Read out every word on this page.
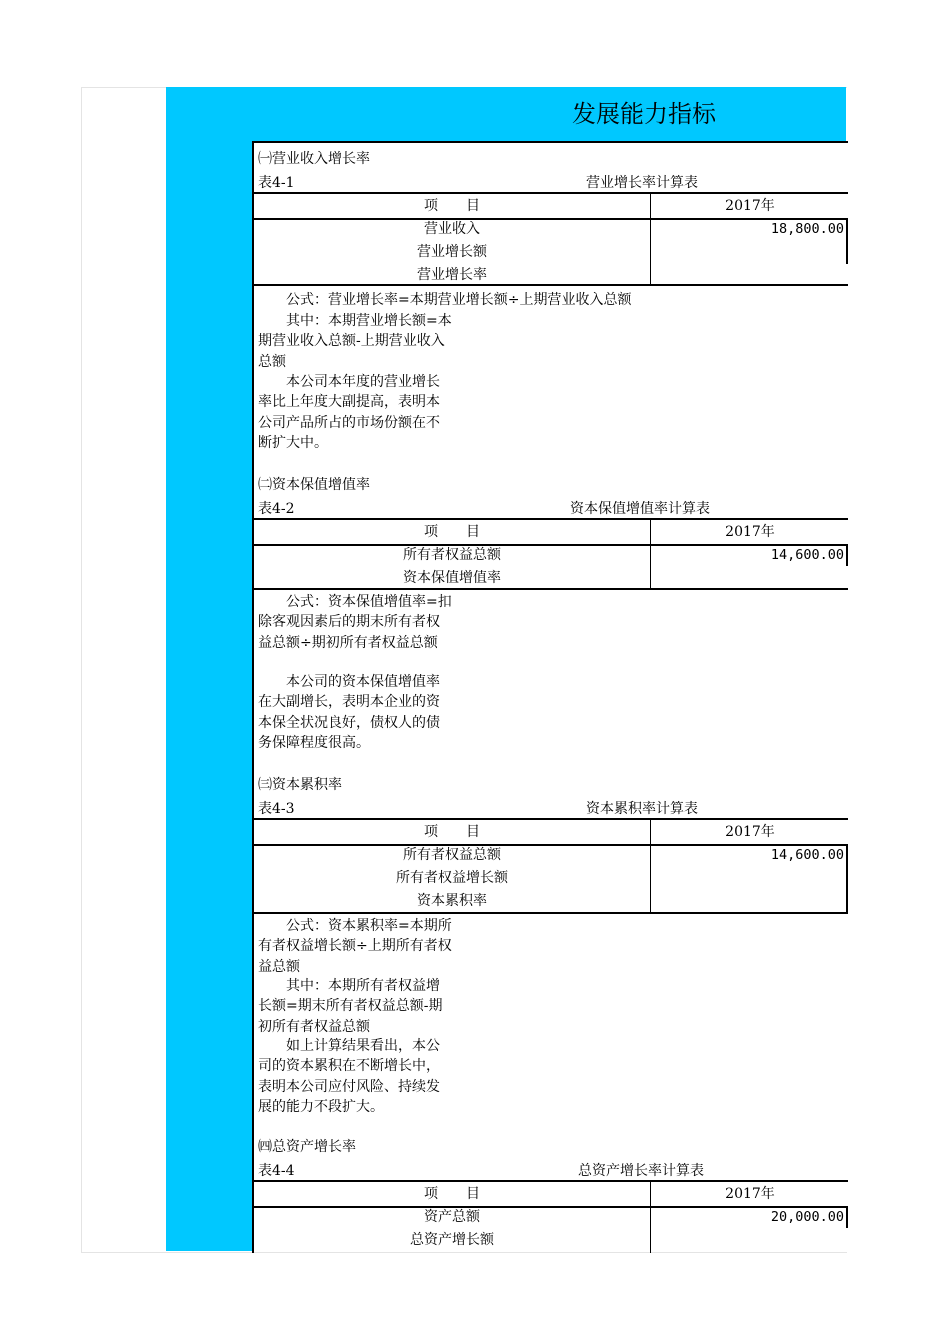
发展能力指标
㈠营业收入增长率
表4-1	营业增长率计算表
项　　目	2017年
营业收入	18,800.00
营业增长额
营业增长率
公式：营业增长率=本期营业增长额÷上期营业收入总额
其中：本期营业增长额=本期营业收入总额-上期营业收入总额
本公司本年度的营业增长率比上年度大副提高，表明本公司产品所占的市场份额在不断扩大中。
㈡资本保值增值率
表4-2	资本保值增值率计算表
项　　目	2017年
所有者权益总额	14,600.00
资本保值增值率
公式：资本保值增值率=扣除客观因素后的期末所有者权益总额÷期初所有者权益总额
本公司的资本保值增值率在大副增长，表明本企业的资本保全状况良好，债权人的债务保障程度很高。
㈢资本累积率
表4-3	资本累积率计算表
项　　目	2017年
所有者权益总额	14,600.00
所有者权益增长额
资本累积率
公式：资本累积率=本期所有者权益增长额÷上期所有者权益总额
其中：本期所有者权益增长额=期末所有者权益总额-期初所有者权益总额
如上计算结果看出，本公司的资本累积在不断增长中，表明本公司应付风险、持续发展的能力不段扩大。
㈣总资产增长率
表4-4	总资产增长率计算表
项　　目	2017年
资产总额	20,000.00
总资产增长额
